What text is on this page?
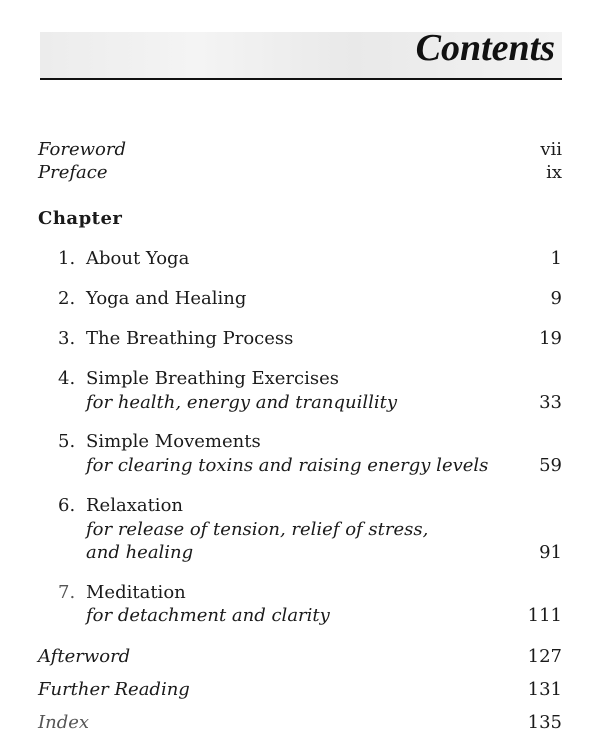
Contents
Foreword	vii
Preface	ix
Chapter
1. About Yoga	1
2. Yoga and Healing	9
3. The Breathing Process	19
4. Simple Breathing Exercises
for health, energy and tranquillity	33
5. Simple Movements
for clearing toxins and raising energy levels	59
6. Relaxation
for release of tension, relief of stress,
and healing	91
7. Meditation
for detachment and clarity	111
Afterword	127
Further Reading	131
Index	135
